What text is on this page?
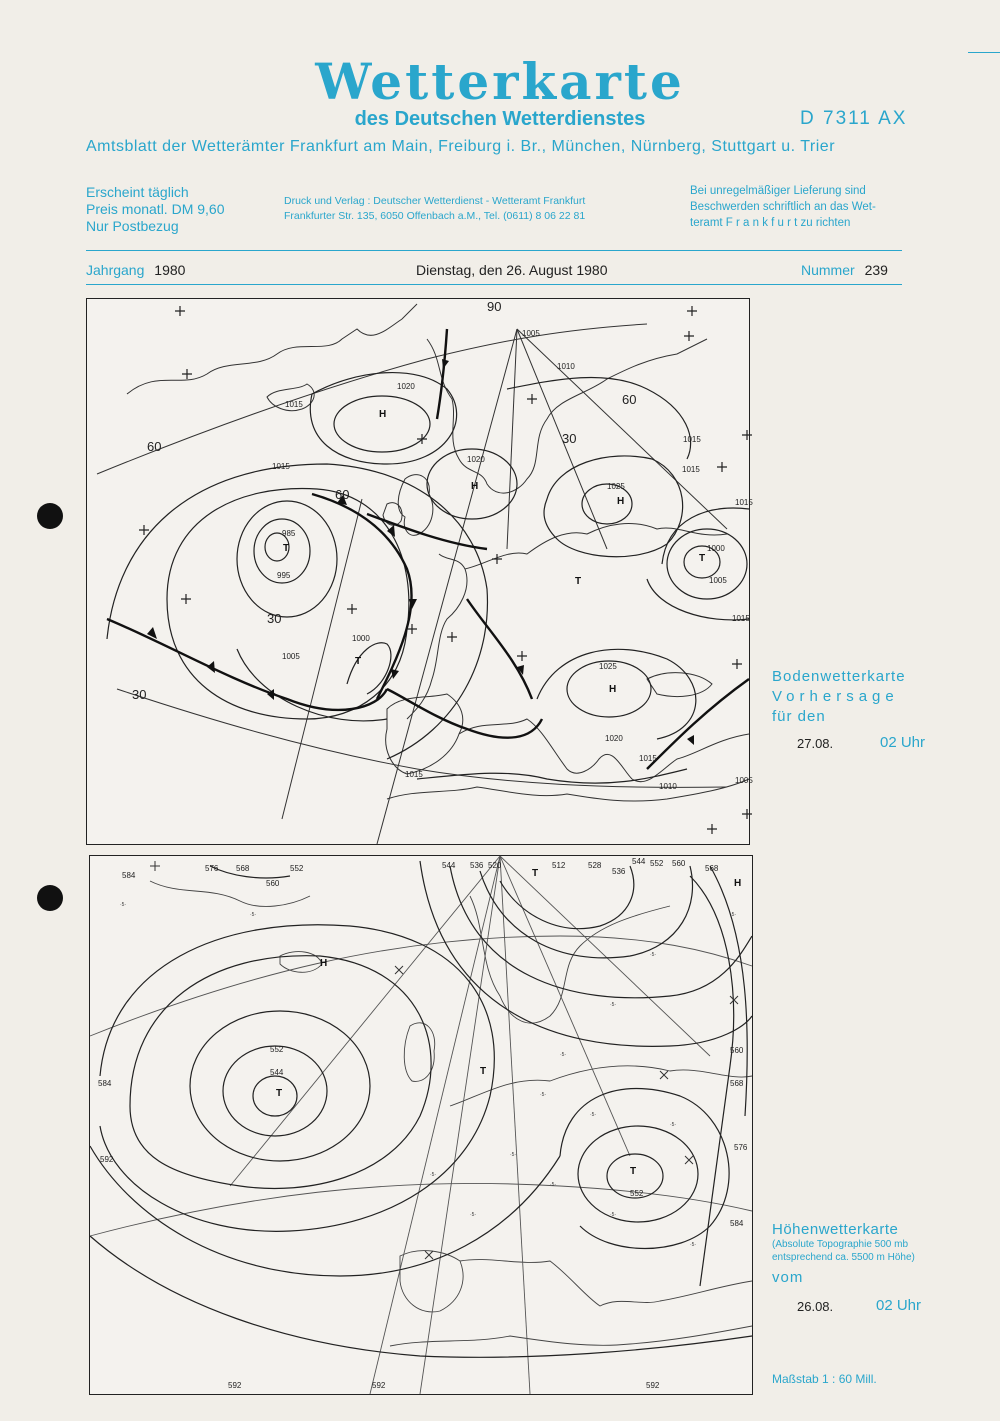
Wetterkarte
des Deutschen Wetterdienstes	D 7311 AX
Amtsblatt der Wetterämter Frankfurt am Main, Freiburg i. Br., München, Nürnberg, Stuttgart u. Trier
Erscheint täglich
Preis monatl. DM 9,60
Nur Postbezug
Druck und Verlag : Deutscher Wetterdienst - Wetteramt Frankfurt
Frankfurter Str. 135, 6050 Offenbach a.M., Tel. (0611) 8 06 22 81
Bei unregelmäßiger Lieferung sind
Beschwerden schriftlich an das Wet-
teramt F r a n k f u r t zu richten
Jahrgang 1980	Dienstag, den 26. August 1980	Nummer 239
1005
1010
1020
1015
1015
1020
1015
1025
1015
1000
1005
1015
985
995
1015
1000
1005
1025
1020
1015
1015
1010
1005
60
60
90
30
30
30
60
H
H
H
T
T
T
H
T
Bodenwetterkarte
Vorhersage
für den
27.08.	02 Uhr
·5·
·5·
·5·
·5·
·5·
·5·
·5·
·5·
·5·
·5·
·5·
·5·
·5·
·5·	·5·
584
576 568	552
560
544 536 520	512	528
536
544 552 560
568
584
552
544
592
560
568
576
552
584
592	592	592
H
T
T
T
T
H
Höhenwetterkarte
(Absolute Topographie 500 mb
entsprechend ca. 5500 m Höhe)
vom
26.08.	02 Uhr
Maßstab 1 : 60 Mill.
